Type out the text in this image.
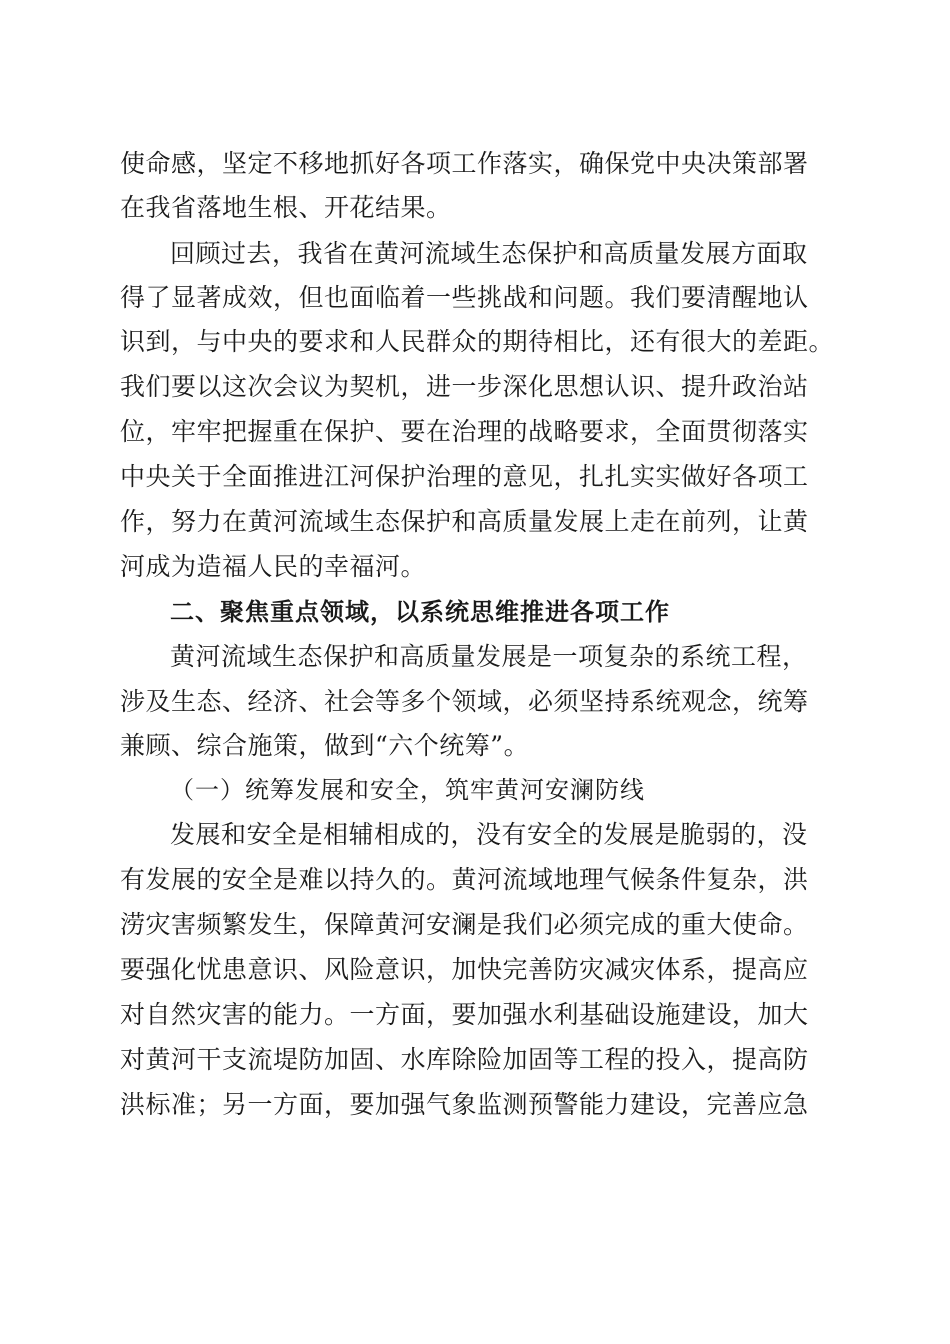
使命感，坚定不移地抓好各项工作落实，确保党中央决策部署
在我省落地生根、开花结果。
回顾过去，我省在黄河流域生态保护和高质量发展方面取
得了显著成效，但也面临着一些挑战和问题。我们要清醒地认
识到，与中央的要求和人民群众的期待相比，还有很大的差距。
我们要以这次会议为契机，进一步深化思想认识、提升政治站
位，牢牢把握重在保护、要在治理的战略要求，全面贯彻落实
中央关于全面推进江河保护治理的意见，扎扎实实做好各项工
作，努力在黄河流域生态保护和高质量发展上走在前列，让黄
河成为造福人民的幸福河。
二、聚焦重点领域，以系统思维推进各项工作
黄河流域生态保护和高质量发展是一项复杂的系统工程，
涉及生态、经济、社会等多个领域，必须坚持系统观念，统筹
兼顾、综合施策，做到“六个统筹”。
（一）统筹发展和安全，筑牢黄河安澜防线
发展和安全是相辅相成的，没有安全的发展是脆弱的，没
有发展的安全是难以持久的。黄河流域地理气候条件复杂，洪
涝灾害频繁发生，保障黄河安澜是我们必须完成的重大使命。
要强化忧患意识、风险意识，加快完善防灾减灾体系，提高应
对自然灾害的能力。一方面，要加强水利基础设施建设，加大
对黄河干支流堤防加固、水库除险加固等工程的投入，提高防
洪标准；另一方面，要加强气象监测预警能力建设，完善应急
